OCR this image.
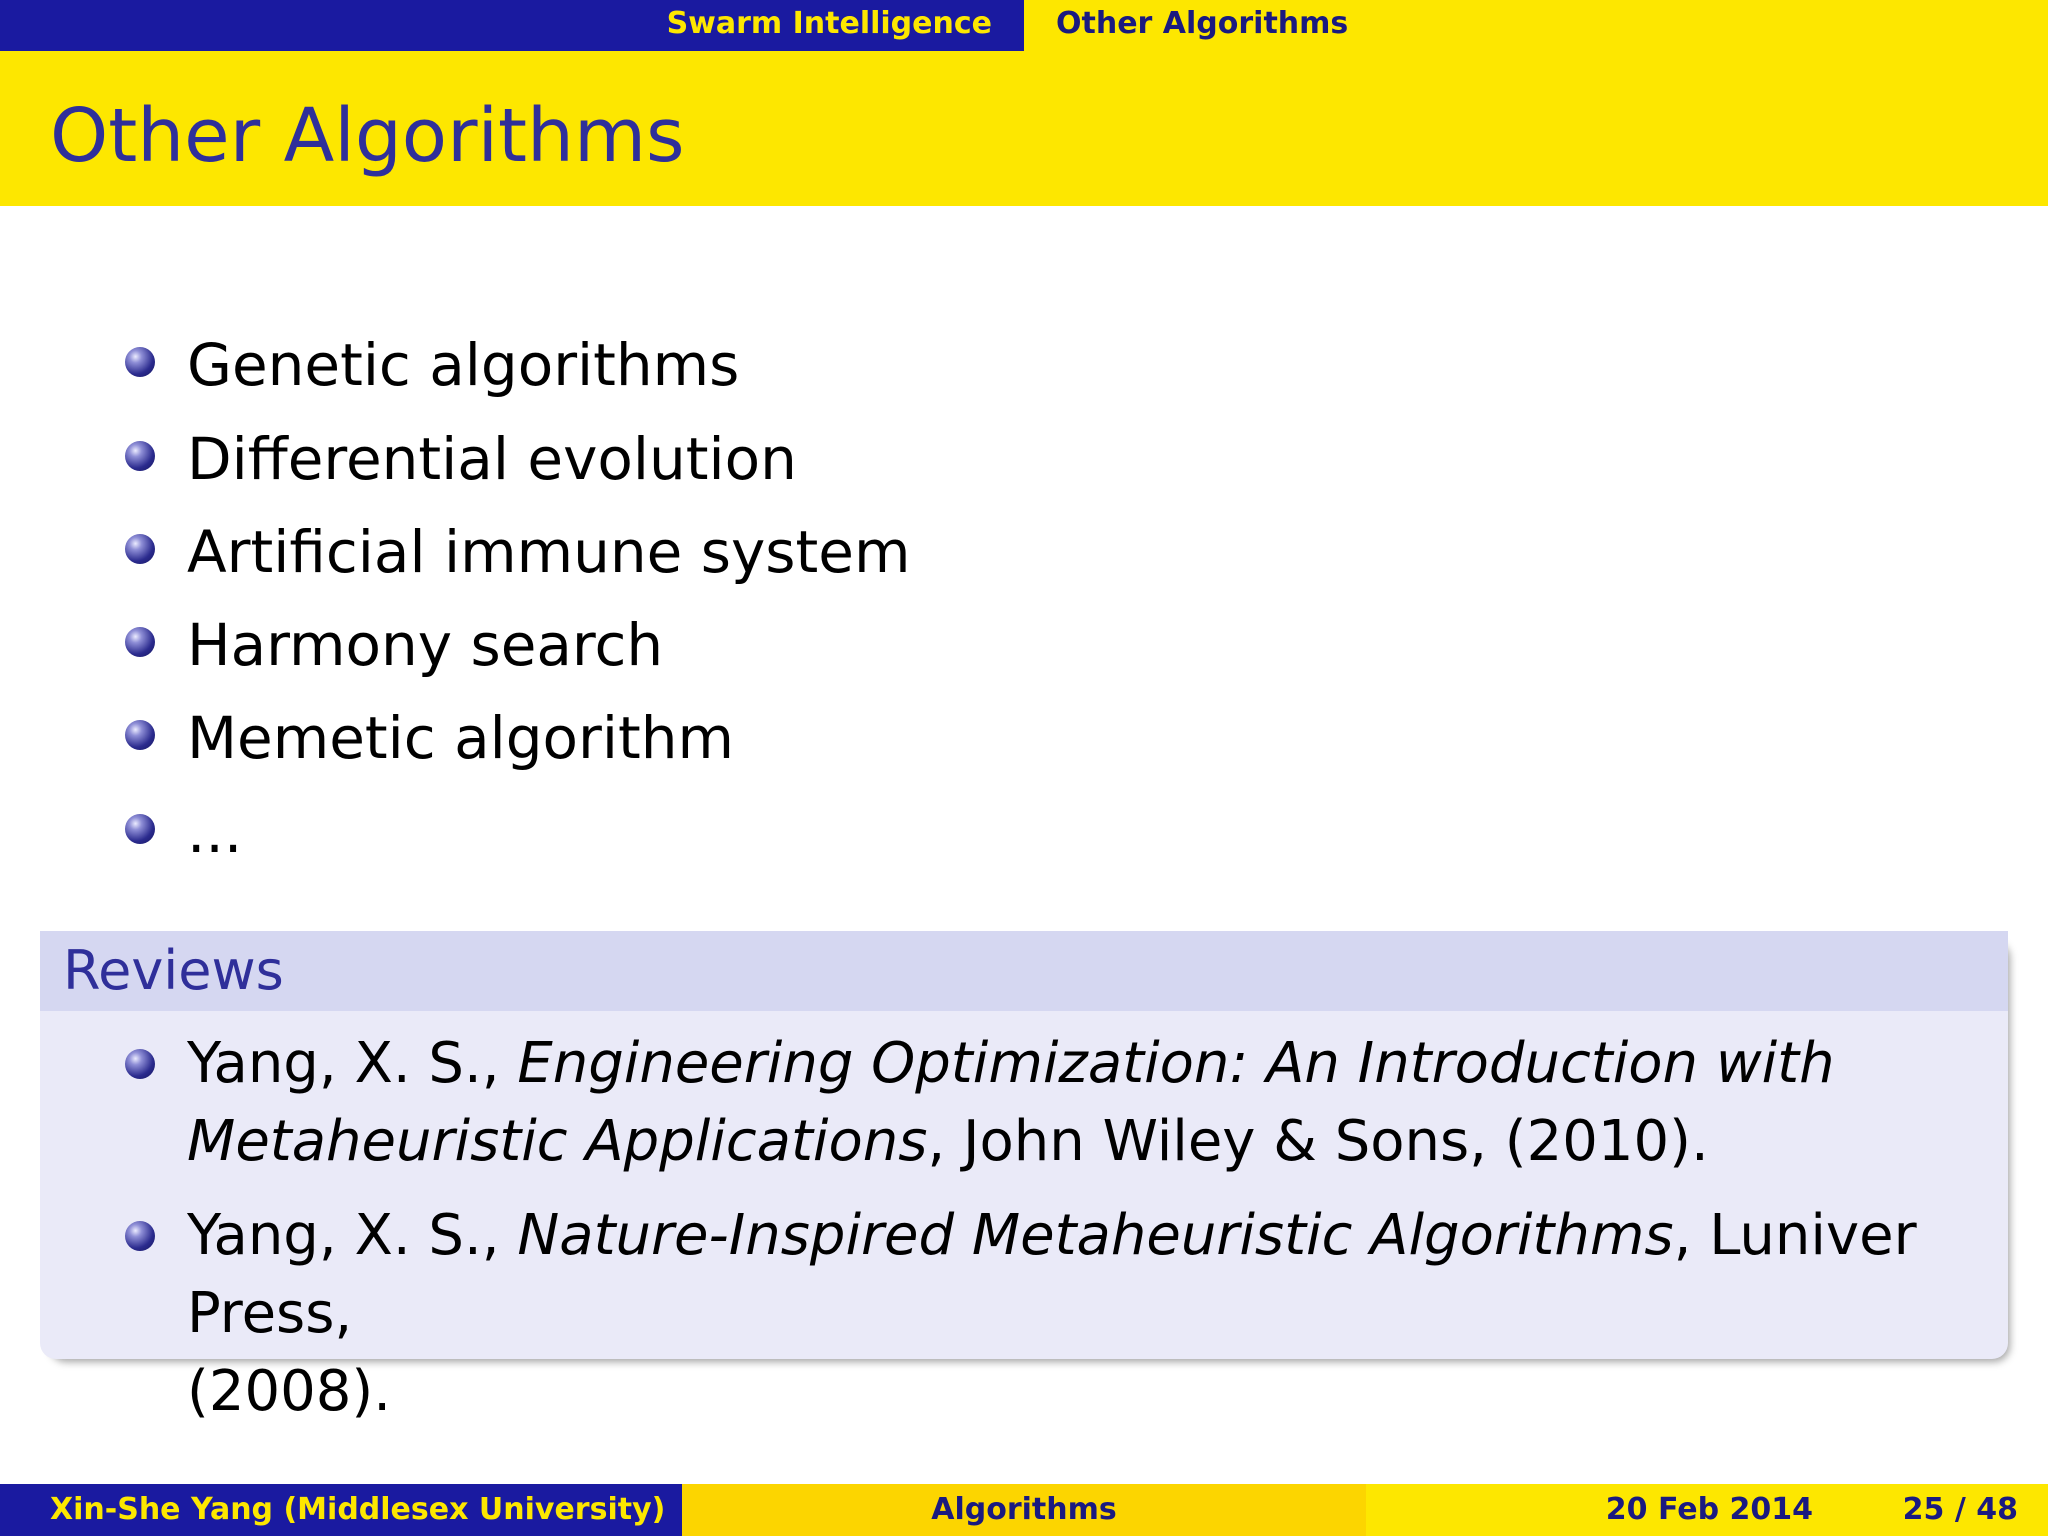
Swarm Intelligence Other Algorithms
Other Algorithms
Genetic algorithms
Differential evolution
Artificial immune system
Harmony search
Memetic algorithm
...
Reviews
Yang, X. S., Engineering Optimization: An Introduction with
Metaheuristic Applications, John Wiley & Sons, (2010).
Yang, X. S., Nature-Inspired Metaheuristic Algorithms, Luniver Press,
(2008).
Xin-She Yang (Middlesex University)	Algorithms	20 Feb 2014	25 / 48
